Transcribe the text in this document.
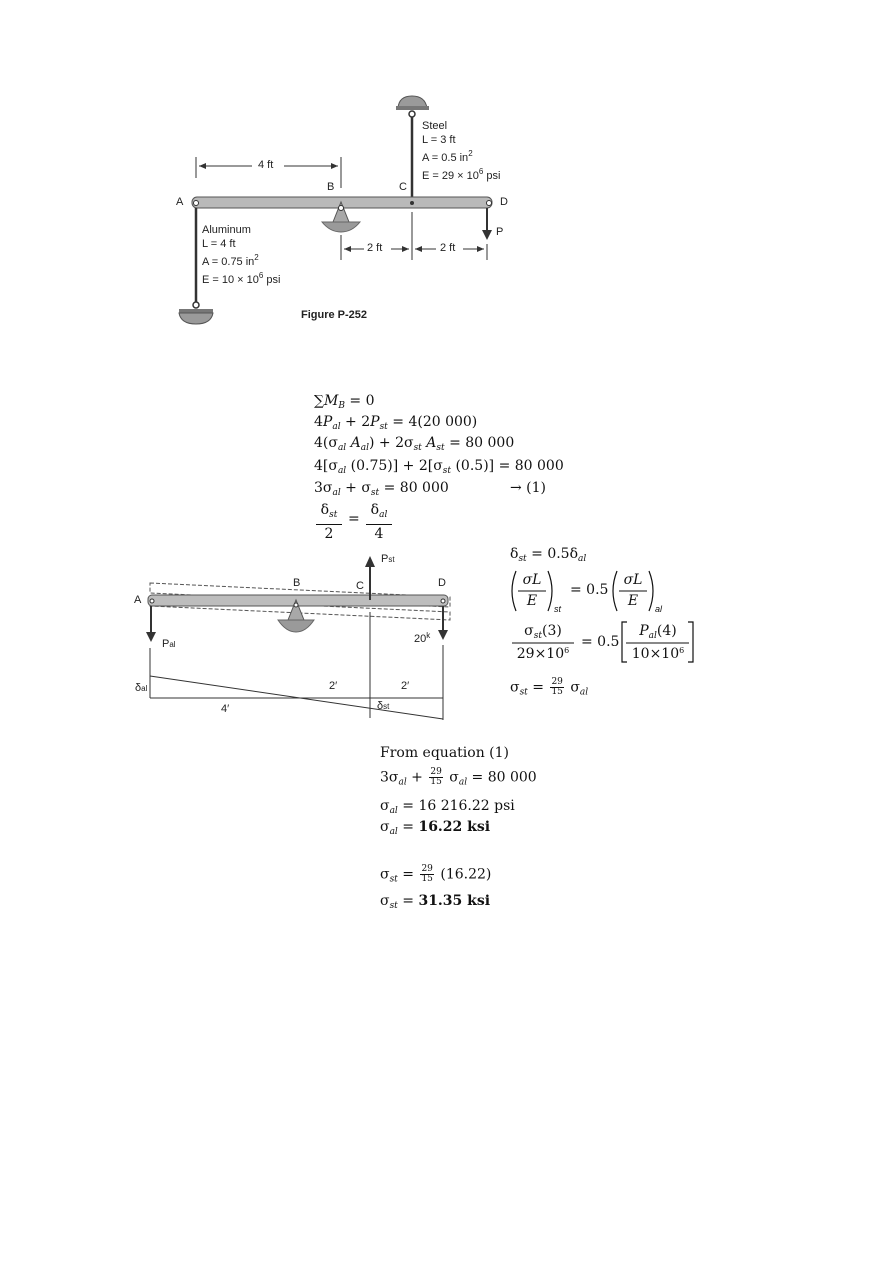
A
B	C
D
P
4 ft
2 ft	2 ft
Steel
L = 3 ft
A = 0.5 $in^2$
$E = 29 \times 10^6$ psi
Aluminum
L = 4 ft
A = 0.75 $in^2$
$E = 10 \times 10^6$ psi
Figure P-252
$\sum M_B = 0$
$4P_{al} + 2P_{st} = 4(20$ 000)
$4(\sigma_{al}$ $A_{al}) + 2\sigma_{st}$ $A_{st} = 80$ 000
$4[\sigma_{al}$ $(0.75)] + 2[\sigma_{st}$ (0.5)] = 80 000
$3\sigma_{al} + \sigma_{st} = 80$ 000	→ (1)
$\delta_{st}$
2
=
$\delta_{al}$
4
A
B	C	D
Pst
Pal	20$^k$
δal
δst
4′
2′	2′
$\delta_{st} = 0.5\delta_{al}$
σL
E	st
= 0.5
σL
E	al
$\sigma_{st}(3)$
$29\times 10^6$
= 0.5
$P_{al}(4)$
$10\times 10^6$
$\sigma_{st} = \frac{29}{15} \sigma_{al}$
From equation (1)
$3\sigma_{al} + \frac{29}{15} \sigma_{al} = 80$ 000
$\sigma_{al} = 16$ 216.22 psi
$\sigma_{al} = 16.22$ ksi
$\sigma_{st} = \frac{29}{15} (16.22)$
$\sigma_{st} = 31.35$ ksi
